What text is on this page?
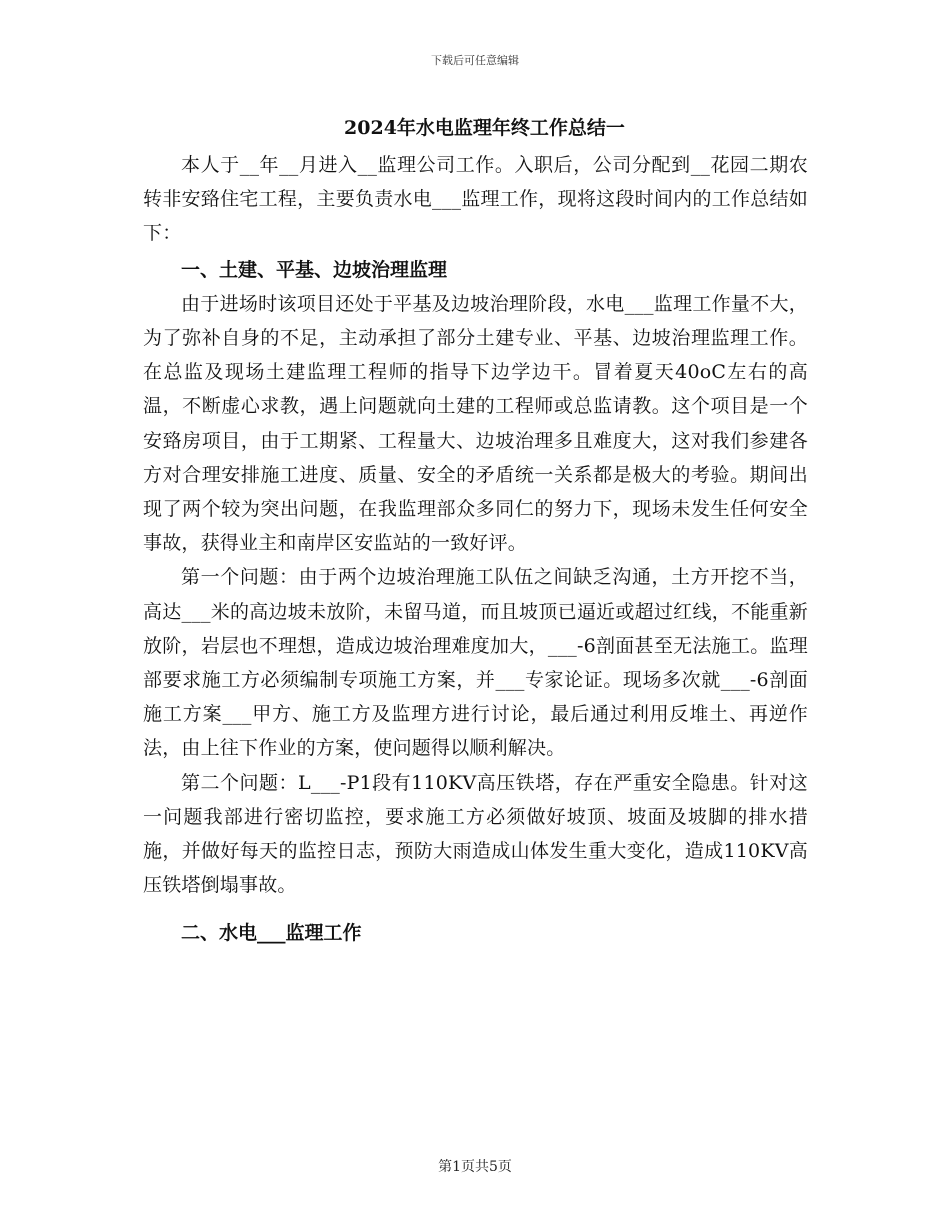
下载后可任意编辑
2024年水电监理年终工作总结一

本人于__年__月进入__监理公司工作。入职后，公司分配到__花园二期农转非安臵住宅工程，主要负责水电___监理工作，现将这段时间内的工作总结如下：

一、土建、平基、边坡治理监理

由于进场时该项目还处于平基及边坡治理阶段，水电___监理工作量不大，为了弥补自身的不足，主动承担了部分土建专业、平基、边坡治理监理工作。在总监及现场土建监理工程师的指导下边学边干。冒着夏天40oC左右的高温，不断虚心求教，遇上问题就向土建的工程师或总监请教。这个项目是一个安臵房项目，由于工期紧、工程量大、边坡治理多且难度大，这对我们参建各方对合理安排施工进度、质量、安全的矛盾统一关系都是极大的考验。期间出现了两个较为突出问题，在我监理部众多同仁的努力下，现场未发生任何安全事故，获得业主和南岸区安监站的一致好评。

第一个问题：由于两个边坡治理施工队伍之间缺乏沟通，土方开挖不当，高达___米的高边坡未放阶，未留马道，而且坡顶已逼近或超过红线，不能重新放阶，岩层也不理想，造成边坡治理难度加大，___-6剖面甚至无法施工。监理部要求施工方必须编制专项施工方案，并___专家论证。现场多次就___-6剖面施工方案___甲方、施工方及监理方进行讨论，最后通过利用反堆土、再逆作法，由上往下作业的方案，使问题得以顺利解决。

第二个问题：L___-P1段有110KV高压铁塔，存在严重安全隐患。针对这一问题我部进行密切监控，要求施工方必须做好坡顶、坡面及坡脚的排水措施，并做好每天的监控日志，预防大雨造成山体发生重大变化，造成110KV高压铁塔倒塌事故。

二、水电___监理工作

第1页共5页
